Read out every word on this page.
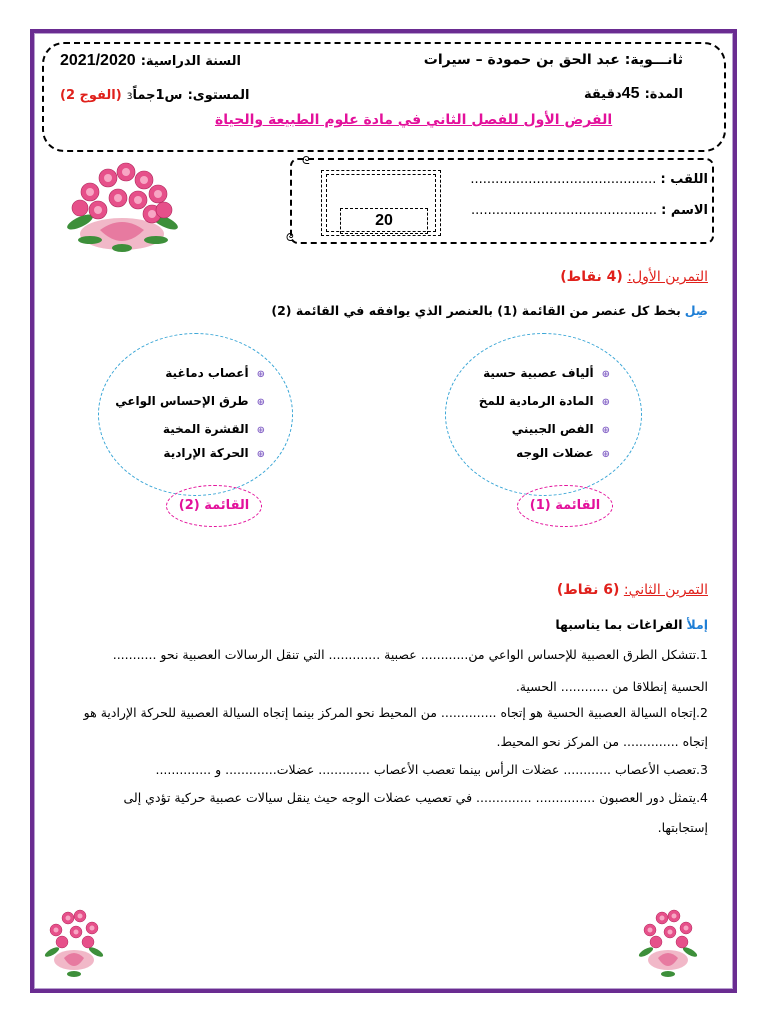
ثانـــوية: عبد الحق بن حمودة – سيرات
السنة الدراسية: 2021/2020
المدة: 45دقيقة
المستوى: س1جماً3 (الفوج 2)
الفرض الأول للفصل الثاني في مادة علوم الطبيعة والحياة
ᘓ
ᘓ
20
اللقب : .............................................
الاسم : .............................................
التمرين الأول: (4 نقاط)
صِل بخط كل عنصر من القائمة (1) بالعنصر الذي يوافقه في القائمة (2)
⊕ألياف عصبية حسية
⊕المادة الرمادية للمخ
⊕الفص الجبيني
⊕عضلات الوجه
⊕أعصاب دماغية
⊕طرق الإحساس الواعي
⊕القشرة المخية
⊕الحركة الإرادية
القائمة (1)
القائمة (2)
التمرين الثاني: (6 نقاط)
إملأ الفراغات بما يناسبها
1.تتشكل الطرق العصبية للإحساس الواعي من............ عصبية ............. التي تنقل الرسالات العصبية نحو ...........
الحسية إنطلاقا من ............ الحسية.
2.إتجاه السيالة العصبية الحسية هو إتجاه .............. من المحيط نحو المركز بينما إتجاه السيالة العصبية للحركة الإرادية هو
إتجاه .............. من المركز نحو المحيط.
3.تعصب الأعصاب ............ عضلات الرأس بينما تعصب الأعصاب ............. عضلات............. و ..............
4.يتمثل دور العصبون ............... .............. في تعصيب عضلات الوجه حيث ينقل سيالات عصبية حركية تؤدي إلى
إستجابتها.
